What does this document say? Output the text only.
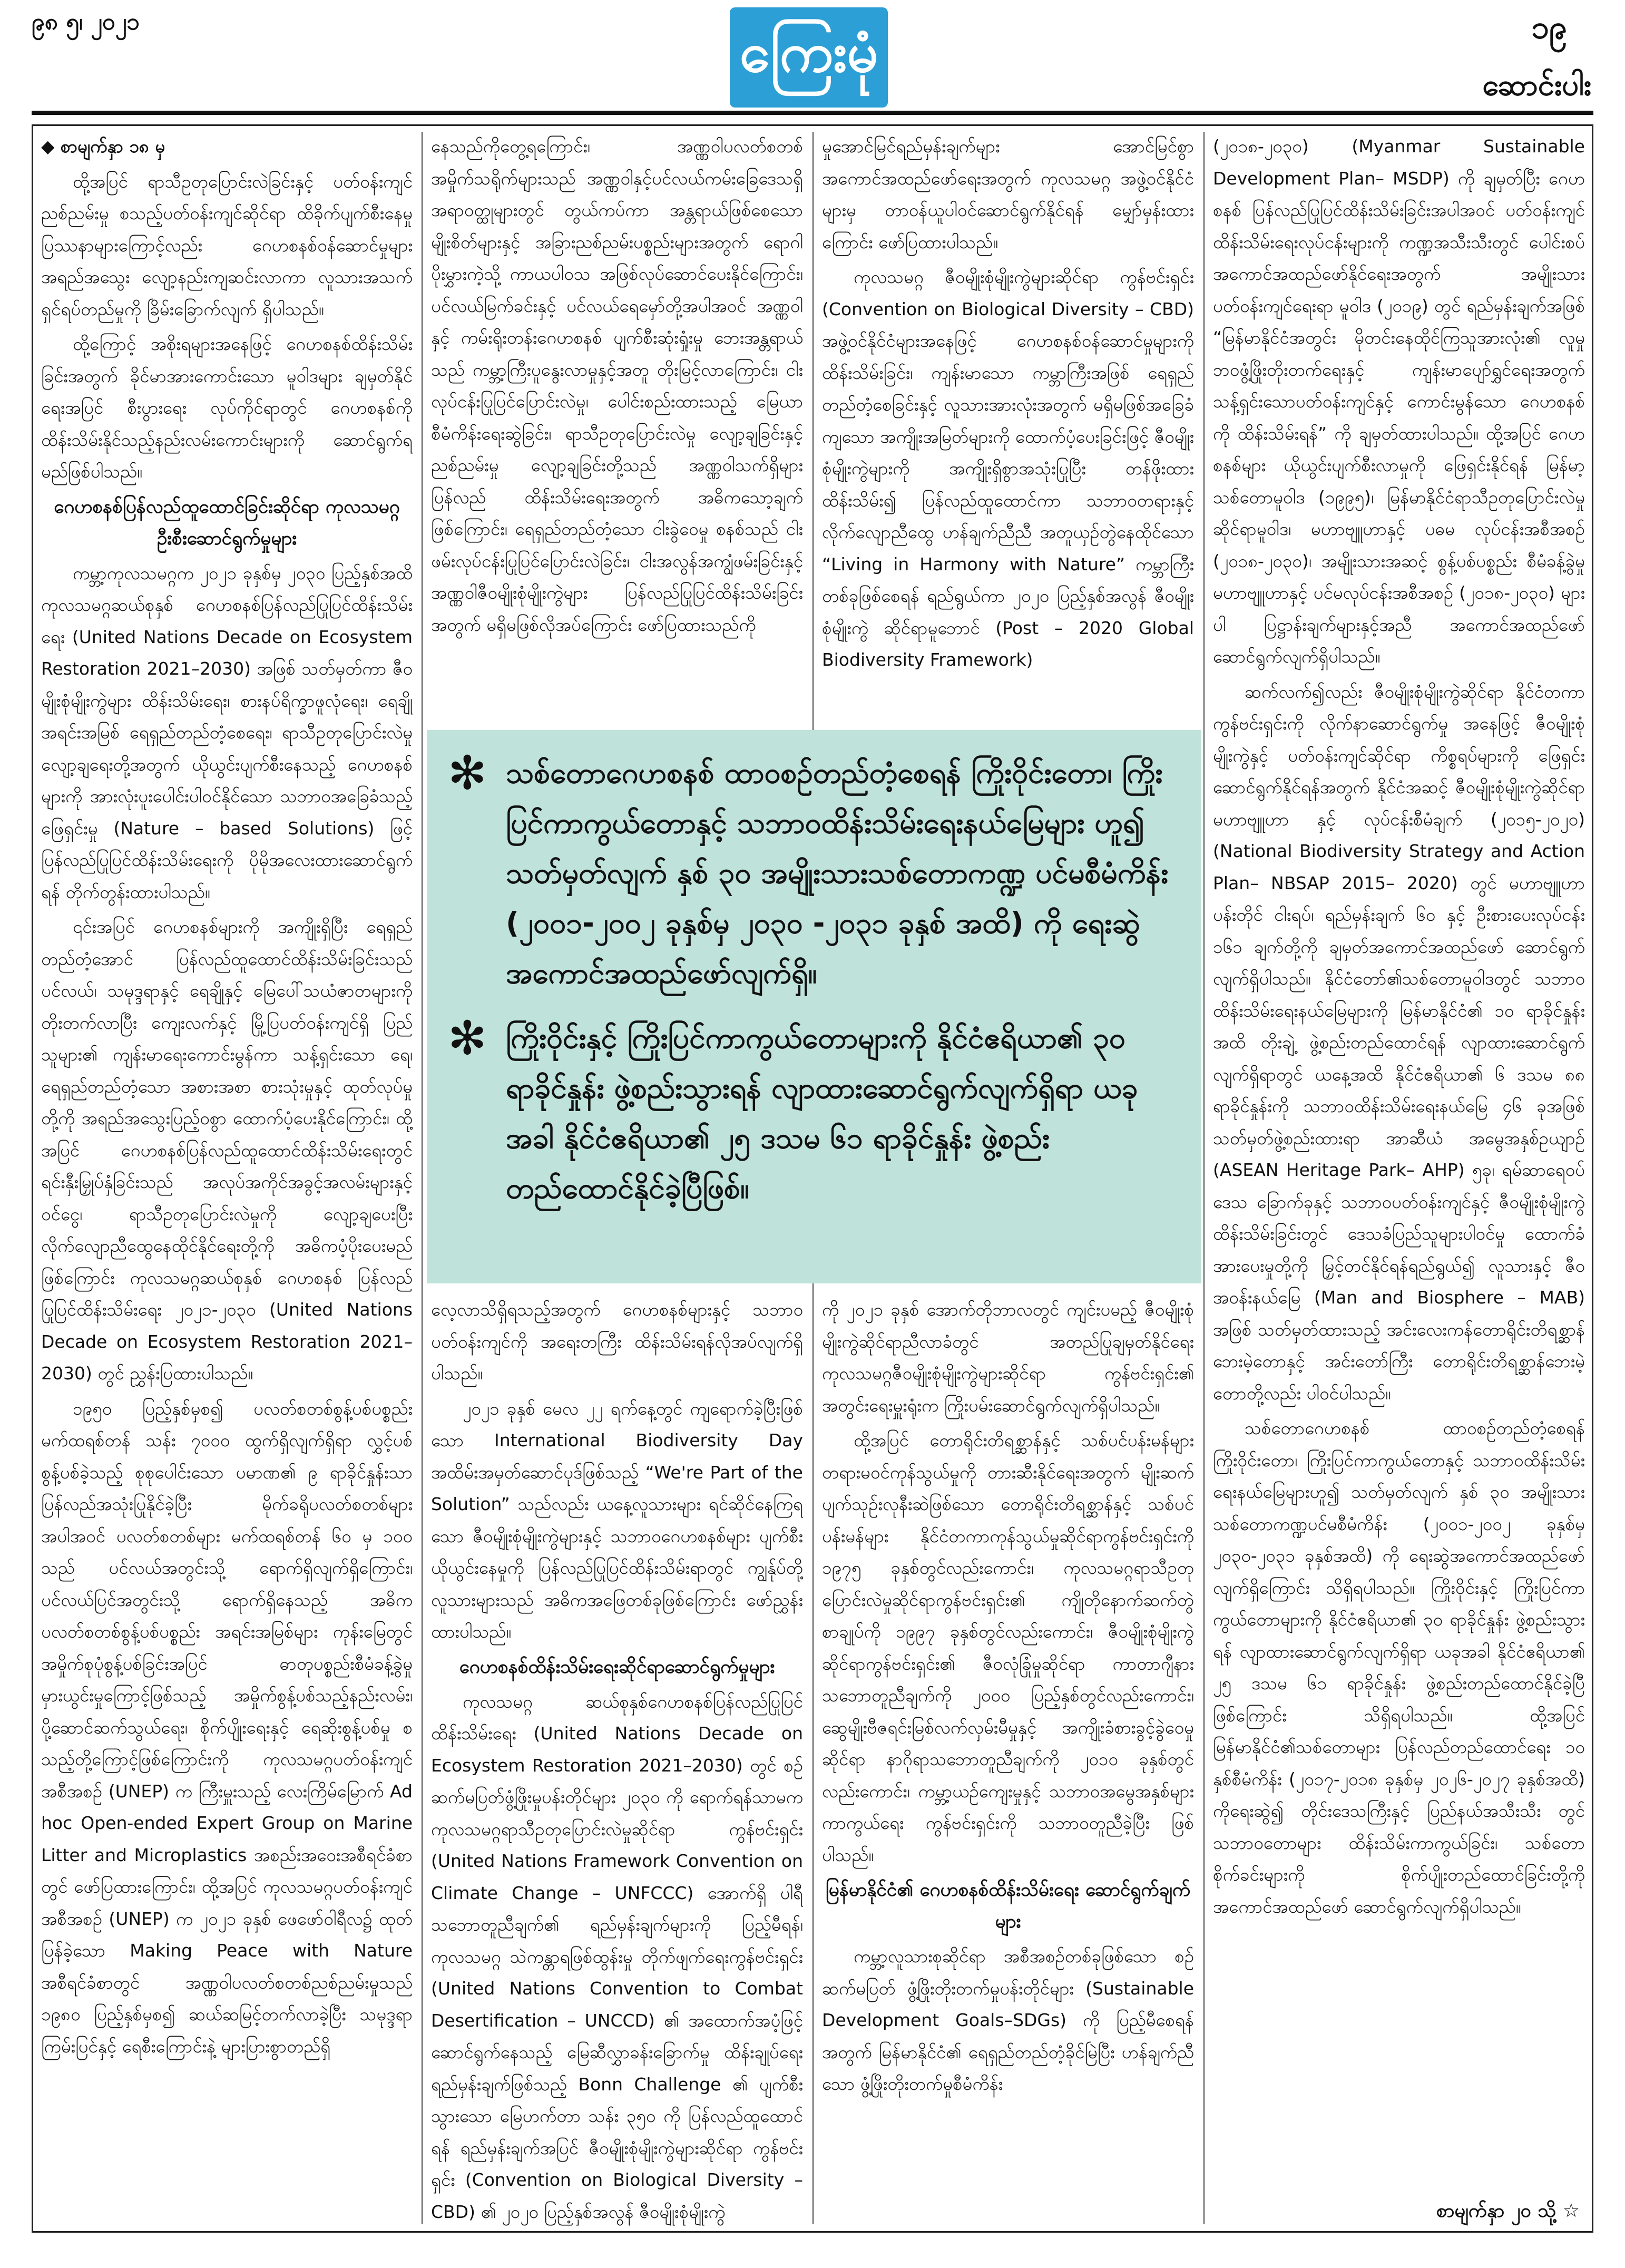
၉၈ ၅၊ ၂၀၂၁	ကြေးမုံ	၁၉
ဆောင်းပါး

◆ စာမျက်နှာ ၁၈ မှ

ထို့အပြင် ရာသီဥတုပြောင်းလဲခြင်းနှင့် ပတ်ဝန်းကျင်ညစ်ညမ်းမှု စသည့်ပတ်ဝန်းကျင်ဆိုင်ရာ ထိခိုက်ပျက်စီးနေမှု ပြဿနာများကြောင့်လည်း ဂေဟစနစ်ဝန်ဆောင်မှုများ အရည်အသွေး လျော့နည်းကျဆင်းလာကာ လူသားအသက်ရှင်ရပ်တည်မှုကို ခြိမ်းခြောက်လျက် ရှိပါသည်။

ထို့ကြောင့် အစိုးရများအနေဖြင့် ဂေဟစနစ်ထိန်းသိမ်းခြင်းအတွက် ခိုင်မာအားကောင်းသော မူဝါဒများ ချမှတ်နိုင်ရေးအပြင် စီးပွားရေး လုပ်ကိုင်ရာတွင် ဂေဟစနစ်ကို ထိန်းသိမ်းနိုင်သည့်နည်းလမ်းကောင်းများကို ဆောင်ရွက်ရမည်ဖြစ်ပါသည်။

ဂေဟစနစ်ပြန်လည်ထူထောင်ခြင်းဆိုင်ရာ ကုလသမဂ္ဂ ဦးစီးဆောင်ရွက်မှုများ

ကမ္ဘာ့ကုလသမဂ္ဂက ၂၀၂၁ ခုနှစ်မှ ၂၀၃၀ ပြည့်နှစ်အထိ ကုလသမဂ္ဂဆယ်စုနှစ် ဂေဟစနစ်ပြန်လည်ပြုပြင်ထိန်းသိမ်းရေး (United Nations Decade on Ecosystem Restoration 2021–2030) အဖြစ် သတ်မှတ်ကာ ဇီဝမျိုးစုံမျိုးကွဲများ ထိန်းသိမ်းရေး၊ စားနပ်ရိက္ခာဖူလုံရေး၊ ရေချိုအရင်းအမြစ် ရေရှည်တည်တံ့စေရေး၊ ရာသီဥတုပြောင်းလဲမှုလျော့ချရေးတို့အတွက် ယိုယွင်းပျက်စီးနေသည့် ဂေဟစနစ်များကို အားလုံးပူးပေါင်းပါဝင်နိုင်သော သဘာဝအခြေခံသည့်ဖြေရှင်းမှု (Nature – based Solutions) ဖြင့် ပြန်လည်ပြုပြင်ထိန်းသိမ်းရေးကို ပိုမိုအလေးထားဆောင်ရွက်ရန် တိုက်တွန်းထားပါသည်။

၎င်းအပြင် ဂေဟစနစ်များကို အကျိုးရှိပြီး ရေရှည်တည်တံ့အောင် ပြန်လည်ထူထောင်ထိန်းသိမ်းခြင်းသည် ပင်လယ်၊ သမုဒ္ဒရာနှင့် ရေချိုနှင့် မြေပေါ်သယံဇာတများကို တိုးတက်လာပြီး ကျေးလက်နှင့် မြို့ပြပတ်ဝန်းကျင်ရှိ ပြည်သူများ၏ ကျန်းမာရေးကောင်းမွန်ကာ သန့်ရှင်းသော ရေ၊ ရေရှည်တည်တံ့သော အစားအစာ စားသုံးမှုနှင့် ထုတ်လုပ်မှုတို့ကို အရည်အသွေးပြည့်ဝစွာ ထောက်ပံ့ပေးနိုင်ကြောင်း၊ ထို့အပြင် ဂေဟစနစ်ပြန်လည်ထူထောင်ထိန်းသိမ်းရေးတွင် ရင်းနှီးမြှုပ်နှံခြင်းသည် အလုပ်အကိုင်အခွင့်အလမ်းများနှင့် ဝင်ငွေ၊ ရာသီဥတုပြောင်းလဲမှုကို လျော့ချပေးပြီး လိုက်လျောညီထွေနေထိုင်နိုင်ရေးတို့ကို အဓိကပံ့ပိုးပေးမည်ဖြစ်ကြောင်း ကုလသမဂ္ဂဆယ်စုနှစ် ဂေဟစနစ် ပြန်လည်ပြုပြင်ထိန်းသိမ်းရေး ၂၀၂၁-၂၀၃၀ (United Nations Decade on Ecosystem Restoration 2021–2030) တွင် ညွှန်းပြထားပါသည်။

၁၉၅၀ ပြည့်နှစ်မှစ၍ ပလတ်စတစ်စွန့်ပစ်ပစ္စည်း မက်ထရစ်တန် သန်း ၇၀၀၀ ထွက်ရှိလျက်ရှိရာ လွှင့်ပစ်စွန့်ပစ်ခဲ့သည့် စုစုပေါင်းသော ပမာဏ၏ ၉ ရာခိုင်နှုန်းသာ ပြန်လည်အသုံးပြုနိုင်ခဲ့ပြီး မိုက်ခရိုပလတ်စတစ်များ အပါအဝင် ပလတ်စတစ်များ မက်ထရစ်တန် ၆၀ မှ ၁၀၀ သည် ပင်လယ်အတွင်းသို့ ရောက်ရှိလျက်ရှိကြောင်း၊ ပင်လယ်ပြင်အတွင်းသို့ ရောက်ရှိနေသည့် အဓိကပလတ်စတစ်စွန့်ပစ်ပစ္စည်း အရင်းအမြစ်များ ကုန်းမြေတွင် အမှိုက်စုပုံစွန့်ပစ်ခြင်းအပြင် ဓာတုပစ္စည်းစီမံခန့်ခွဲမှု မှားယွင်းမှုကြောင့်ဖြစ်သည့် အမှိုက်စွန့်ပစ်သည့်နည်းလမ်း၊ ပို့ဆောင်ဆက်သွယ်ရေး၊ စိုက်ပျိုးရေးနှင့် ရေဆိုးစွန့်ပစ်မှု စသည့်တို့ကြောင့်ဖြစ်ကြောင်းကို ကုလသမဂ္ဂပတ်ဝန်းကျင်အစီအစဉ် (UNEP) က ကြီးမှူးသည့် လေးကြိမ်မြောက် Ad hoc Open-ended Expert Group on Marine Litter and Microplastics အစည်းအဝေးအစီရင်ခံစာတွင် ဖော်ပြထားကြောင်း၊ ထို့အပြင် ကုလသမဂ္ဂပတ်ဝန်းကျင်အစီအစဉ် (UNEP) က ၂၀၂၁ ခုနှစ် ဖေဖော်ဝါရီလ၌ ထုတ်ပြန်ခဲ့သော Making Peace with Nature အစီရင်ခံစာတွင် အဏ္ဏဝါပလတ်စတစ်ညစ်ညမ်းမှုသည် ၁၉၈၀ ပြည့်နှစ်မှစ၍ ဆယ်ဆမြင့်တက်လာခဲ့ပြီး သမုဒ္ဒရာကြမ်းပြင်နှင့် ရေစီးကြောင်းနဲ့ များပြားစွာတည်ရှိ

နေသည်ကိုတွေ့ရကြောင်း၊ အဏ္ဏဝါပလတ်စတစ် အမှိုက်သရိုက်များသည် အဏ္ဏဝါနှင့်ပင်လယ်ကမ်းခြေဒေသရှိ အရာဝတ္ထုများတွင် တွယ်ကပ်ကာ အန္တရာယ်ဖြစ်စေသော မျိုးစိတ်များနှင့် အခြားညစ်ညမ်းပစ္စည်းများအတွက် ရောဂါ ပိုးမွှားကဲ့သို့ ကာယပါ၀သ အဖြစ်လုပ်ဆောင်ပေးနိုင်ကြောင်း၊ ပင်လယ်မြက်ခင်းနှင့် ပင်လယ်ရေမှော်တို့အပါအဝင် အဏ္ဏဝါနှင့် ကမ်းရိုးတန်းဂေဟစနစ် ပျက်စီးဆုံးရှုံးမှု ဘေးအန္တရာယ်သည် ကမ္ဘာ့ကြီးပူနွေးလာမှုနှင့်အတူ တိုးမြင့်လာကြောင်း၊ ငါးလုပ်ငန်းပြုပြင်ပြောင်းလဲမှု၊ ပေါင်းစည်းထားသည့် မြေယာစီမံကိန်းရေးဆွဲခြင်း၊ ရာသီဥတုပြောင်းလဲမှု လျော့ချခြင်းနှင့် ညစ်ညမ်းမှု လျော့ချခြင်းတို့သည် အဏ္ဏဝါသက်ရှိများ ပြန်လည် ထိန်းသိမ်းရေးအတွက် အဓိကသော့ချက်ဖြစ်ကြောင်း၊ ရေရှည်တည်တံ့သော ငါးခွဲဝေမှု စနစ်သည် ငါးဖမ်းလုပ်ငန်းပြုပြင်ပြောင်းလဲခြင်း၊ ငါးအလွန်အကျွံဖမ်းခြင်းနှင့် အဏ္ဏဝါဇီဝမျိုးစုံမျိုးကွဲများ ပြန်လည်ပြုပြင်ထိန်းသိမ်းခြင်းအတွက် မရှိမဖြစ်လိုအပ်ကြောင်း ဖော်ပြထားသည်ကို

မှုအောင်မြင်ရည်မှန်းချက်များ အောင်မြင်စွာ အကောင်အထည်ဖော်ရေးအတွက် ကုလသမဂ္ဂ အဖွဲ့ဝင်နိုင်ငံများမှ တာဝန်ယူပါဝင်ဆောင်ရွက်နိုင်ရန် မျှော်မှန်းထားကြောင်း ဖော်ပြထားပါသည်။

ကုလသမဂ္ဂ ဇီဝမျိုးစုံမျိုးကွဲများဆိုင်ရာ ကွန်ဗင်းရှင်း (Convention on Biological Diversity – CBD) အဖွဲ့ဝင်နိုင်ငံများအနေဖြင့် ဂေဟစနစ်ဝန်ဆောင်မှုများကို ထိန်းသိမ်းခြင်း၊ ကျန်းမာသော ကမ္ဘာကြီးအဖြစ် ရေရှည်တည်တံ့စေခြင်းနှင့် လူသားအားလုံးအတွက် မရှိမဖြစ်အခြေခံကျသော အကျိုးအမြတ်များကို ထောက်ပံ့ပေးခြင်းဖြင့် ဇီဝမျိုးစုံမျိုးကွဲများကို အကျိုးရှိစွာအသုံးပြုပြီး တန်ဖိုးထားထိန်းသိမ်း၍ ပြန်လည်ထူထောင်ကာ သဘာဝတရားနှင့် လိုက်လျောညီထွေ ဟန်ချက်ညီညီ အတူယှဉ်တွဲနေထိုင်သော “Living in Harmony with Nature” ကမ္ဘာကြီးတစ်ခုဖြစ်စေရန် ရည်ရွယ်ကာ ၂၀၂၀ ပြည့်နှစ်အလွန် ဇီဝမျိုးစုံမျိုးကွဲ ဆိုင်ရာမူဘောင် (Post – 2020 Global Biodiversity Framework)

✻ သစ်တောဂေဟစနစ် ထာဝစဉ်တည်တံ့စေရန် ကြိုးဝိုင်းတော၊ ကြိုးပြင်ကာကွယ်တောနှင့် သဘာဝထိန်းသိမ်းရေးနယ်မြေများ ဟူ၍ သတ်မှတ်လျက် နှစ် ၃၀ အမျိုးသားသစ်တောကဏ္ဍ ပင်မစီမံကိန်း (၂၀၀၁-၂၀၀၂ ခုနှစ်မှ ၂၀၃၀ -၂၀၃၁ ခုနှစ် အထိ) ကို ရေးဆွဲအကောင်အထည်ဖော်လျက်ရှိ။
✻ ကြိုးဝိုင်းနှင့် ကြိုးပြင်ကာကွယ်တောများကို နိုင်ငံဧရိယာ၏ ၃၀ ရာခိုင်နှုန်း ဖွဲ့စည်းသွားရန် လျာထားဆောင်ရွက်လျက်ရှိရာ ယခုအခါ နိုင်ငံဧရိယာ၏ ၂၅ ဒသမ ၆၁ ရာခိုင်နှုန်း ဖွဲ့စည်း တည်ထောင်နိုင်ခဲ့ပြီဖြစ်။

လေ့လာသိရှိရသည့်အတွက် ဂေဟစနစ်များနှင့် သဘာဝပတ်ဝန်းကျင်ကို အရေးတကြီး ထိန်းသိမ်းရန်လိုအပ်လျက်ရှိပါသည်။

၂၀၂၁ ခုနှစ် မေလ ၂၂ ရက်နေ့တွင် ကျရောက်ခဲ့ပြီးဖြစ်သော International Biodiversity Day အထိမ်းအမှတ်ဆောင်ပုဒ်ဖြစ်သည့် “We're Part of the Solution” သည်လည်း ယနေ့လူသားများ ရင်ဆိုင်နေကြရသော ဇီဝမျိုးစုံမျိုးကွဲများနှင့် သဘာဝဂေဟစနစ်များ ပျက်စီးယိုယွင်းနေမှုကို ပြန်လည်ပြုပြင်ထိန်းသိမ်းရာတွင် ကျွန်ုပ်တို့လူသားများသည် အဓိကအဖြေတစ်ခုဖြစ်ကြောင်း ဖော်ညွှန်းထားပါသည်။

ဂေဟစနစ်ထိန်းသိမ်းရေးဆိုင်ရာဆောင်ရွက်မှုများ

ကုလသမဂ္ဂ ဆယ်စုနှစ်ဂေဟစနစ်ပြန်လည်ပြုပြင်ထိန်းသိမ်းရေး (United Nations Decade on Ecosystem Restoration 2021–2030) တွင် စဉ်ဆက်မပြတ်ဖွံ့ဖြိုးမှုပန်းတိုင်များ ၂၀၃၀ ကို ရောက်ရန်သာမက ကုလသမဂ္ဂရာသီဥတုပြောင်းလဲမှုဆိုင်ရာ ကွန်ဗင်းရှင်း (United Nations Framework Convention on Climate Change – UNFCCC) အောက်ရှိ ပါရီသဘောတူညီချက်၏ ရည်မှန်းချက်များကို ပြည့်မီရန်၊ ကုလသမဂ္ဂ သဲကန္တာရဖြစ်ထွန်းမှု တိုက်ဖျက်ရေးကွန်ဗင်းရှင်း (United Nations Convention to Combat Desertification – UNCCD) ၏ အထောက်အပံ့ဖြင့် ဆောင်ရွက်နေသည့် မြေဆီလွှာခန်းခြောက်မှု ထိန်းချုပ်ရေးရည်မှန်းချက်ဖြစ်သည့် Bonn Challenge ၏ ပျက်စီးသွားသော မြေဟက်တာ သန်း ၃၅၀ ကို ပြန်လည်ထူထောင်ရန် ရည်မှန်းချက်အပြင် ဇီဝမျိုးစုံမျိုးကွဲများဆိုင်ရာ ကွန်ဗင်းရှင်း (Convention on Biological Diversity – CBD) ၏ ၂၀၂၀ ပြည့်နှစ်အလွန် ဇီဝမျိုးစုံမျိုးကွဲ

ကို ၂၀၂၁ ခုနှစ် အောက်တိုဘာလတွင် ကျင်းပမည့် ဇီဝမျိုးစုံမျိုးကွဲဆိုင်ရာညီလာခံတွင် အတည်ပြုချမှတ်နိုင်ရေး ကုလသမဂ္ဂဇီဝမျိုးစုံမျိုးကွဲများဆိုင်ရာ ကွန်ဗင်းရှင်း၏ အတွင်းရေးမှူးရုံးက ကြိုးပမ်းဆောင်ရွက်လျက်ရှိပါသည်။

ထို့အပြင် တောရိုင်းတိရစ္ဆာန်နှင့် သစ်ပင်ပန်းမန်များ တရားမဝင်ကုန်သွယ်မှုကို တားဆီးနိုင်ရေးအတွက် မျိုးဆက်ပျက်သုဉ်းလုနီးဆဲဖြစ်သော တောရိုင်းတိရစ္ဆာန်နှင့် သစ်ပင်ပန်းမန်များ နိုင်ငံတကာကုန်သွယ်မှုဆိုင်ရာကွန်ဗင်းရှင်းကို ၁၉၇၅ ခုနှစ်တွင်လည်းကောင်း၊ ကုလသမဂ္ဂရာသီဥတုပြောင်းလဲမှုဆိုင်ရာကွန်ဗင်းရှင်း၏ ကျိုတိုနောက်ဆက်တွဲ စာချုပ်ကို ၁၉၉၇ ခုနှစ်တွင်လည်းကောင်း၊ ဇီဝမျိုးစုံမျိုးကွဲဆိုင်ရာကွန်ဗင်းရှင်း၏ ဇီဝလုံခြုံမှုဆိုင်ရာ ကာတာဂျီနားသဘောတူညီချက်ကို ၂၀၀၀ ပြည့်နှစ်တွင်လည်းကောင်း၊ ဆွေမျိုးဗီဇရင်းမြစ်လက်လှမ်းမီမှုနှင့် အကျိုးခံစားခွင့်ခွဲဝေမှုဆိုင်ရာ နာဂိုရာသဘောတူညီချက်ကို ၂၀၁၀ ခုနှစ်တွင်လည်းကောင်း၊ ကမ္ဘာ့ယဉ်ကျေးမှုနှင့် သဘာဝအမွေအနှစ်များ ကာကွယ်ရေး ကွန်ဗင်းရှင်းကို သဘာဝတူညီခဲ့ပြီး ဖြစ်ပါသည်။

မြန်မာနိုင်ငံ၏ ဂေဟစနစ်ထိန်းသိမ်းရေး ဆောင်ရွက်ချက်များ

ကမ္ဘာ့လူသားစုဆိုင်ရာ အစီအစဉ်တစ်ခုဖြစ်သော စဉ်ဆက်မပြတ် ဖွံ့ဖြိုးတိုးတက်မှုပန်းတိုင်များ (Sustainable Development Goals–SDGs) ကို ပြည့်မီစေရန်အတွက် မြန်မာနိုင်ငံ၏ ရေရှည်တည်တံ့ခိုင်မြဲပြီး ဟန်ချက်ညီသော ဖွံ့ဖြိုးတိုးတက်မှုစီမံကိန်း

(၂၀၁၈-၂၀၃၀) (Myanmar Sustainable Development Plan– MSDP) ကို ချမှတ်ပြီး ဂေဟစနစ် ပြန်လည်ပြုပြင်ထိန်းသိမ်းခြင်းအပါအဝင် ပတ်ဝန်းကျင်ထိန်းသိမ်းရေးလုပ်ငန်းများကို ကဏ္ဍအသီးသီးတွင် ပေါင်းစပ်အကောင်အထည်ဖော်နိုင်ရေးအတွက် အမျိုးသားပတ်ဝန်းကျင်ရေးရာ မူဝါဒ (၂၀၁၉) တွင် ရည်မှန်းချက်အဖြစ် “မြန်မာနိုင်ငံအတွင်း မိုတင်းနေထိုင်ကြသူအားလုံး၏ လူမှုဘဝဖွံ့ဖြိုးတိုးတက်ရေးနှင့် ကျန်းမာပျော်ရွှင်ရေးအတွက် သန့်ရှင်းသောပတ်ဝန်းကျင်နှင့် ကောင်းမွန်သော ဂေဟစနစ်ကို ထိန်းသိမ်းရန်” ကို ချမှတ်ထားပါသည်။ ထို့အပြင် ဂေဟစနစ်များ ယိုယွင်းပျက်စီးလာမှုကို ဖြေရှင်းနိုင်ရန် မြန်မာ့သစ်တောမူဝါဒ (၁၉၉၅)၊ မြန်မာနိုင်ငံရာသီဥတုပြောင်းလဲမှုဆိုင်ရာမူဝါဒ၊ မဟာဗျူဟာနှင့် ပဓမ လုပ်ငန်းအစီအစဉ် (၂၀၁၈-၂၀၃၀)၊ အမျိုးသားအဆင့် စွန့်ပစ်ပစ္စည်း စီမံခန့်ခွဲမှု မဟာဗျူဟာနှင့် ပင်မလုပ်ငန်းအစီအစဉ် (၂၀၁၈-၂၀၃၀) များပါ ပြဋ္ဌာန်းချက်များနှင့်အညီ အကောင်အထည်ဖော် ဆောင်ရွက်လျက်ရှိပါသည်။

ဆက်လက်၍လည်း ဇီဝမျိုးစုံမျိုးကွဲဆိုင်ရာ နိုင်ငံတကာကွန်ဗင်းရှင်းကို လိုက်နာဆောင်ရွက်မှု အနေဖြင့် ဇီဝမျိုးစုံမျိုးကွဲနှင့် ပတ်ဝန်းကျင်ဆိုင်ရာ ကိစ္စရပ်များကို ဖြေရှင်းဆောင်ရွက်နိုင်ရန်အတွက် နိုင်ငံအဆင့် ဇီဝမျိုးစုံမျိုးကွဲဆိုင်ရာ မဟာဗျူဟာ နှင့် လုပ်ငန်းစီမံချက် (၂၀၁၅-၂၀၂၀) (National Biodiversity Strategy and Action Plan– NBSAP 2015– 2020) တွင် မဟာဗျူဟာ ပန်းတိုင် ငါးရပ်၊ ရည်မှန်းချက် ၆၀ နှင့် ဦးစားပေးလုပ်ငန်း ၁၆၁ ချက်တို့ကို ချမှတ်အကောင်အထည်ဖော် ဆောင်ရွက်လျက်ရှိပါသည်။ နိုင်ငံတော်၏သစ်တောမူဝါဒတွင် သဘာဝထိန်းသိမ်းရေးနယ်မြေများကို မြန်မာနိုင်ငံ၏ ၁၀ ရာခိုင်နှုန်းအထိ တိုးချဲ့ ဖွဲ့စည်းတည်ထောင်ရန် လျာထားဆောင်ရွက်လျက်ရှိရာတွင် ယနေ့အထိ နိုင်ငံဧရိယာ၏ ၆ ဒသမ ၈၈ ရာခိုင်နှုန်းကို သဘာဝထိန်းသိမ်းရေးနယ်မြေ ၄၆ ခုအဖြစ် သတ်မှတ်ဖွဲ့စည်းထားရာ အာဆီယံ အမွေအနှစ်ဥယျာဉ် (ASEAN Heritage Park– AHP) ၅ခု၊ ရမ်ဆာရေဝပ်ဒေသ ခြောက်ခုနှင့် သဘာဝပတ်ဝန်းကျင်နှင့် ဇီဝမျိုးစုံမျိုးကွဲထိန်းသိမ်းခြင်းတွင် ဒေသခံပြည်သူများပါဝင်မှု ထောက်ခံအားပေးမှုတို့ကို မြှင့်တင်နိုင်ရန်ရည်ရွယ်၍ လူသားနှင့် ဇီဝအဝန်းနယ်မြေ (Man and Biosphere – MAB) အဖြစ် သတ်မှတ်ထားသည့် အင်းလေးကန်တောရိုင်းတိရစ္ဆာန်ဘေးမဲ့တောနှင့် အင်းတော်ကြီး တောရိုင်းတိရစ္ဆာန်ဘေးမဲ့တောတို့လည်း ပါဝင်ပါသည်။

သစ်တောဂေဟစနစ် ထာဝစဉ်တည်တံ့စေရန် ကြိုးဝိုင်းတော၊ ကြိုးပြင်ကာကွယ်တောနှင့် သဘာဝထိန်းသိမ်းရေးနယ်မြေများဟူ၍ သတ်မှတ်လျက် နှစ် ၃၀ အမျိုးသားသစ်တောကဏ္ဍပင်မစီမံကိန်း (၂၀၀၁-၂၀၀၂ ခုနှစ်မှ ၂၀၃၀-၂၀၃၁ ခုနှစ်အထိ) ကို ရေးဆွဲအကောင်အထည်ဖော်လျက်ရှိကြောင်း သိရှိရပါသည်။ ကြိုးဝိုင်းနှင့် ကြိုးပြင်ကာကွယ်တောများကို နိုင်ငံဧရိယာ၏ ၃၀ ရာခိုင်နှုန်း ဖွဲ့စည်းသွားရန် လျာထားဆောင်ရွက်လျက်ရှိရာ ယခုအခါ နိုင်ငံဧရိယာ၏ ၂၅ ဒသမ ၆၁ ရာခိုင်နှုန်း ဖွဲ့စည်းတည်ထောင်နိုင်ခဲ့ပြီဖြစ်ကြောင်း သိရှိရပါသည်။ ထို့အပြင် မြန်မာနိုင်ငံ၏သစ်တောများ ပြန်လည်တည်ထောင်ရေး ၁၀ နှစ်စီမံကိန်း (၂၀၁၇-၂၀၁၈ ခုနှစ်မှ ၂၀၂၆-၂၀၂၇ ခုနှစ်အထိ) ကိုရေးဆွဲ၍ တိုင်းဒေသကြီးနှင့် ပြည်နယ်အသီးသီး တွင် သဘာဝတောများ ထိန်းသိမ်းကာကွယ်ခြင်း၊ သစ်တောစိုက်ခင်းများကို စိုက်ပျိုးတည်ထောင်ခြင်းတို့ကို အကောင်အထည်ဖော် ဆောင်ရွက်လျက်ရှိပါသည်။

စာမျက်နှာ ၂၀ သို့ ☆
